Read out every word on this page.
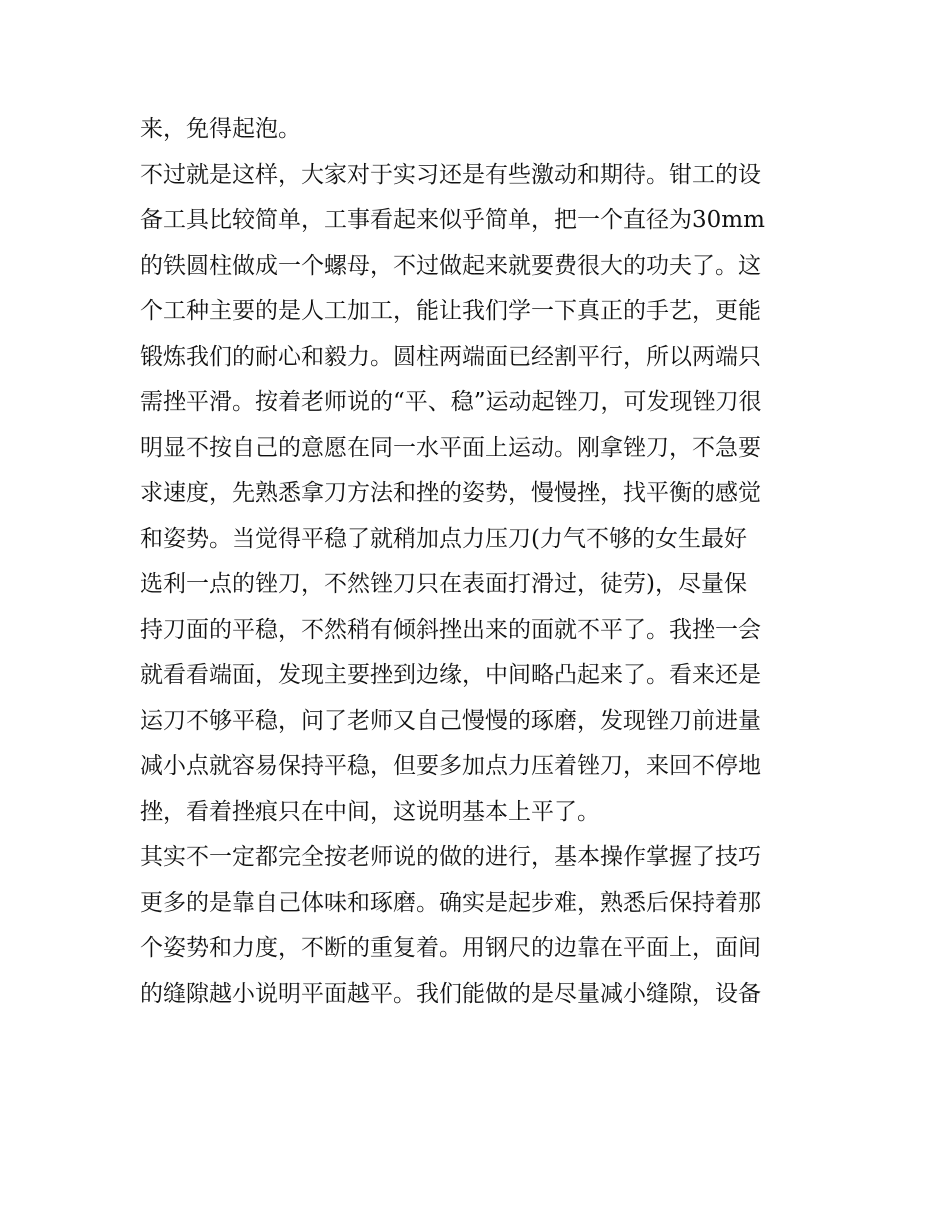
来，免得起泡。
不过就是这样，大家对于实习还是有些激动和期待。钳工的设
备工具比较简单，工事看起来似乎简单，把一个直径为30mm
的铁圆柱做成一个螺母，不过做起来就要费很大的功夫了。这
个工种主要的是人工加工，能让我们学一下真正的手艺，更能
锻炼我们的耐心和毅力。圆柱两端面已经割平行，所以两端只
需挫平滑。按着老师说的“平、稳”运动起锉刀，可发现锉刀很
明显不按自己的意愿在同一水平面上运动。刚拿锉刀，不急要
求速度，先熟悉拿刀方法和挫的姿势，慢慢挫，找平衡的感觉
和姿势。当觉得平稳了就稍加点力压刀(力气不够的女生最好
选利一点的锉刀，不然锉刀只在表面打滑过，徒劳)，尽量保
持刀面的平稳，不然稍有倾斜挫出来的面就不平了。我挫一会
就看看端面，发现主要挫到边缘，中间略凸起来了。看来还是
运刀不够平稳，问了老师又自己慢慢的琢磨，发现锉刀前进量
减小点就容易保持平稳，但要多加点力压着锉刀，来回不停地
挫，看着挫痕只在中间，这说明基本上平了。
其实不一定都完全按老师说的做的进行，基本操作掌握了技巧
更多的是靠自己体味和琢磨。确实是起步难，熟悉后保持着那
个姿势和力度，不断的重复着。用钢尺的边靠在平面上，面间
的缝隙越小说明平面越平。我们能做的是尽量减小缝隙，设备
